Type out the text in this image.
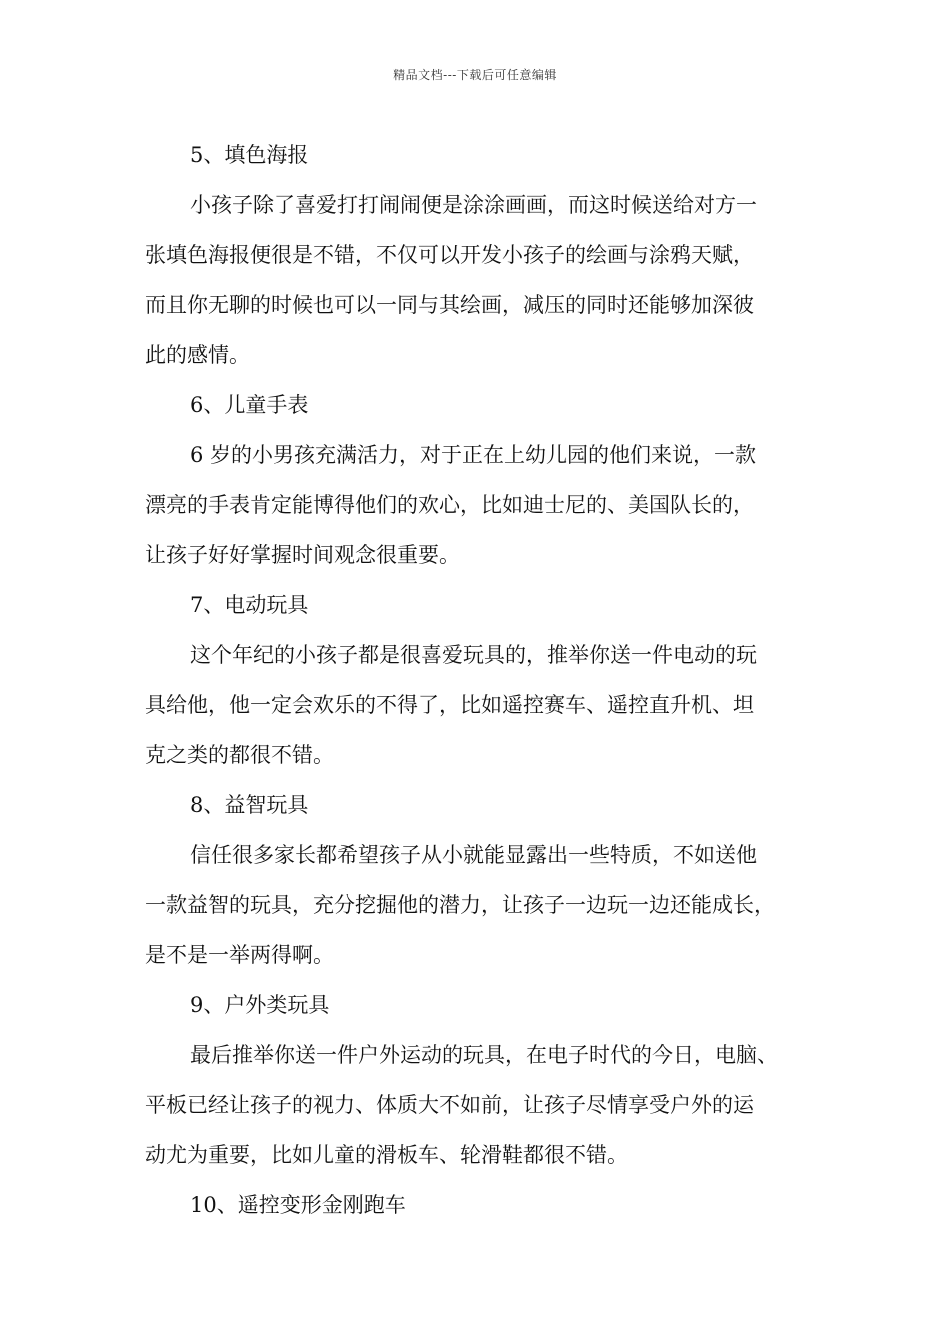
精品文档---下载后可任意编辑
5、填色海报
小孩子除了喜爱打打闹闹便是涂涂画画，而这时候送给对方一
张填色海报便很是不错，不仅可以开发小孩子的绘画与涂鸦天赋，
而且你无聊的时候也可以一同与其绘画，减压的同时还能够加深彼
此的感情。
6、儿童手表
6 岁的小男孩充满活力，对于正在上幼儿园的他们来说，一款
漂亮的手表肯定能博得他们的欢心，比如迪士尼的、美国队长的，
让孩子好好掌握时间观念很重要。
7、电动玩具
这个年纪的小孩子都是很喜爱玩具的，推举你送一件电动的玩
具给他，他一定会欢乐的不得了，比如遥控赛车、遥控直升机、坦
克之类的都很不错。
8、益智玩具
信任很多家长都希望孩子从小就能显露出一些特质，不如送他
一款益智的玩具，充分挖掘他的潜力，让孩子一边玩一边还能成长，
是不是一举两得啊。
9、户外类玩具
最后推举你送一件户外运动的玩具，在电子时代的今日，电脑、
平板已经让孩子的视力、体质大不如前，让孩子尽情享受户外的运
动尤为重要，比如儿童的滑板车、轮滑鞋都很不错。
10、遥控变形金刚跑车
